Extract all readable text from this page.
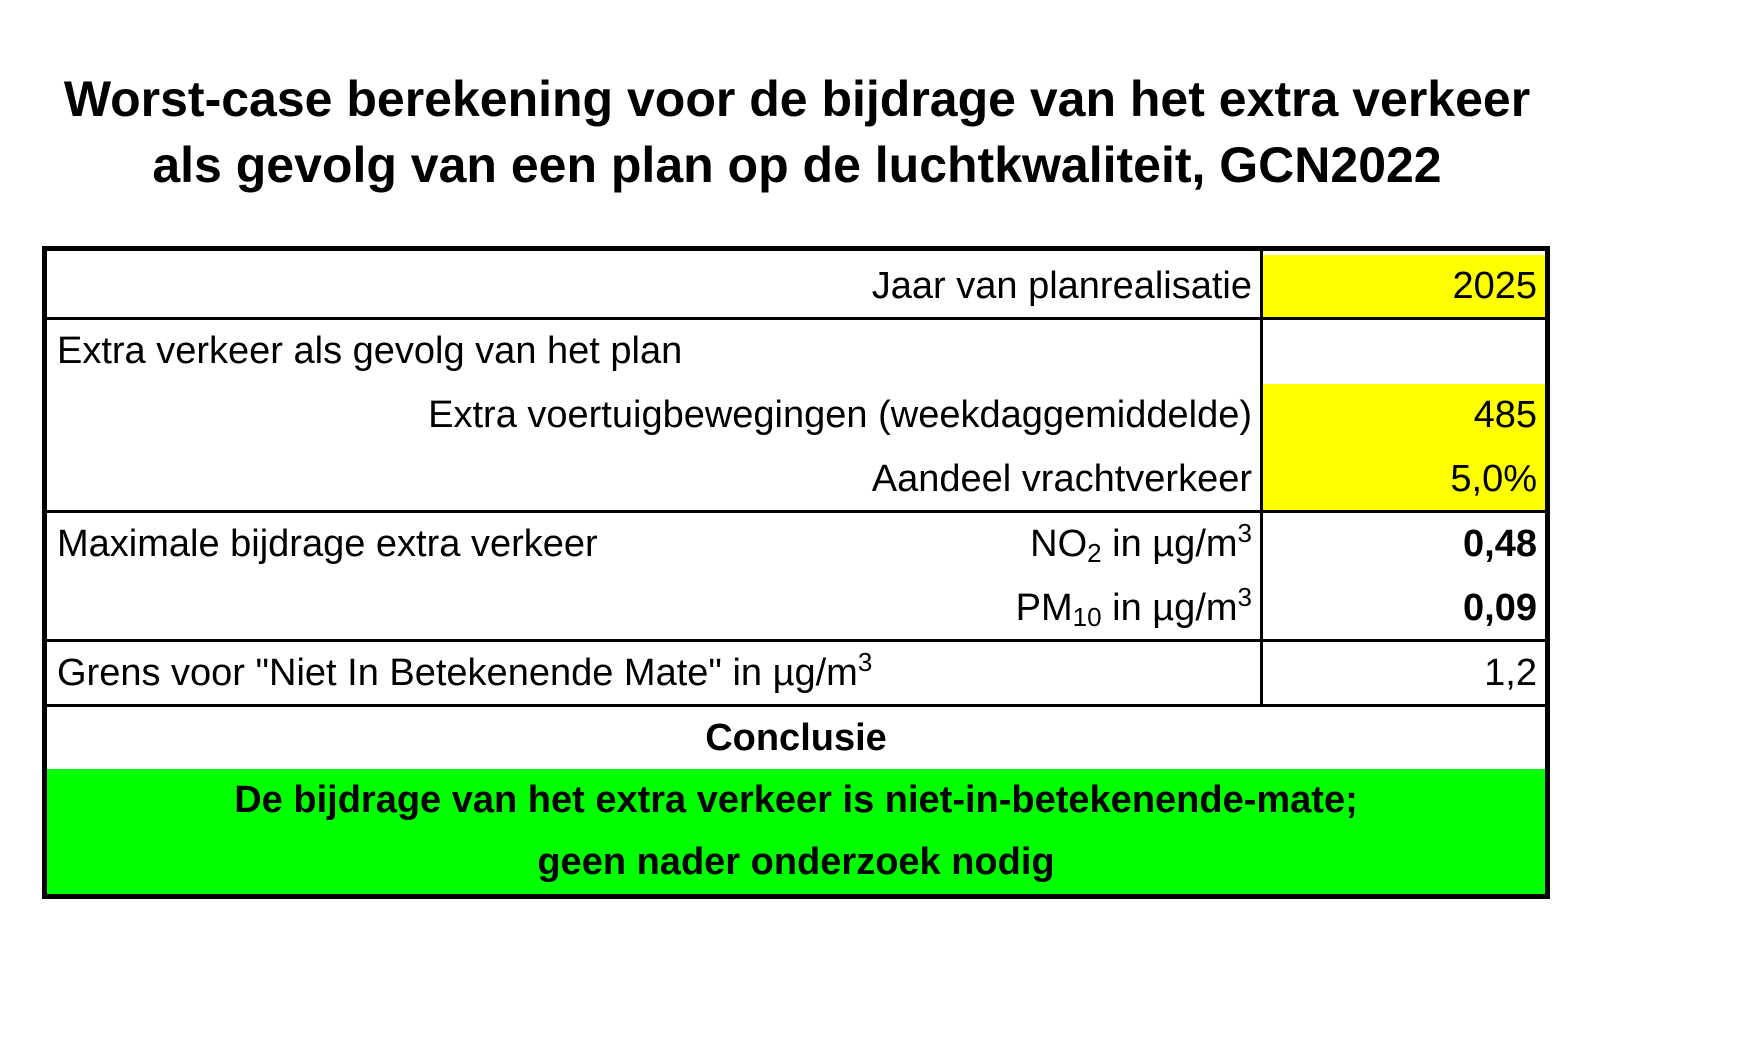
Worst-case berekening voor de bijdrage van het extra verkeer
als gevolg van een plan op de luchtkwaliteit, GCN2022
Jaar van planrealisatie	2025
Extra verkeer als gevolg van het plan
Extra voertuigbewegingen (weekdaggemiddelde)	485
Aandeel vrachtverkeer	5,0%
Maximale bijdrage extra verkeer	$NO_2$ in $\mu g/m^3$	0,48
$PM_{10}$ in $\mu g/m^3$	0,09
Grens voor "Niet In Betekenende Mate" in $\mu g/m^3$	1,2
Conclusie
De bijdrage van het extra verkeer is niet-in-betekenende-mate;
geen nader onderzoek nodig
